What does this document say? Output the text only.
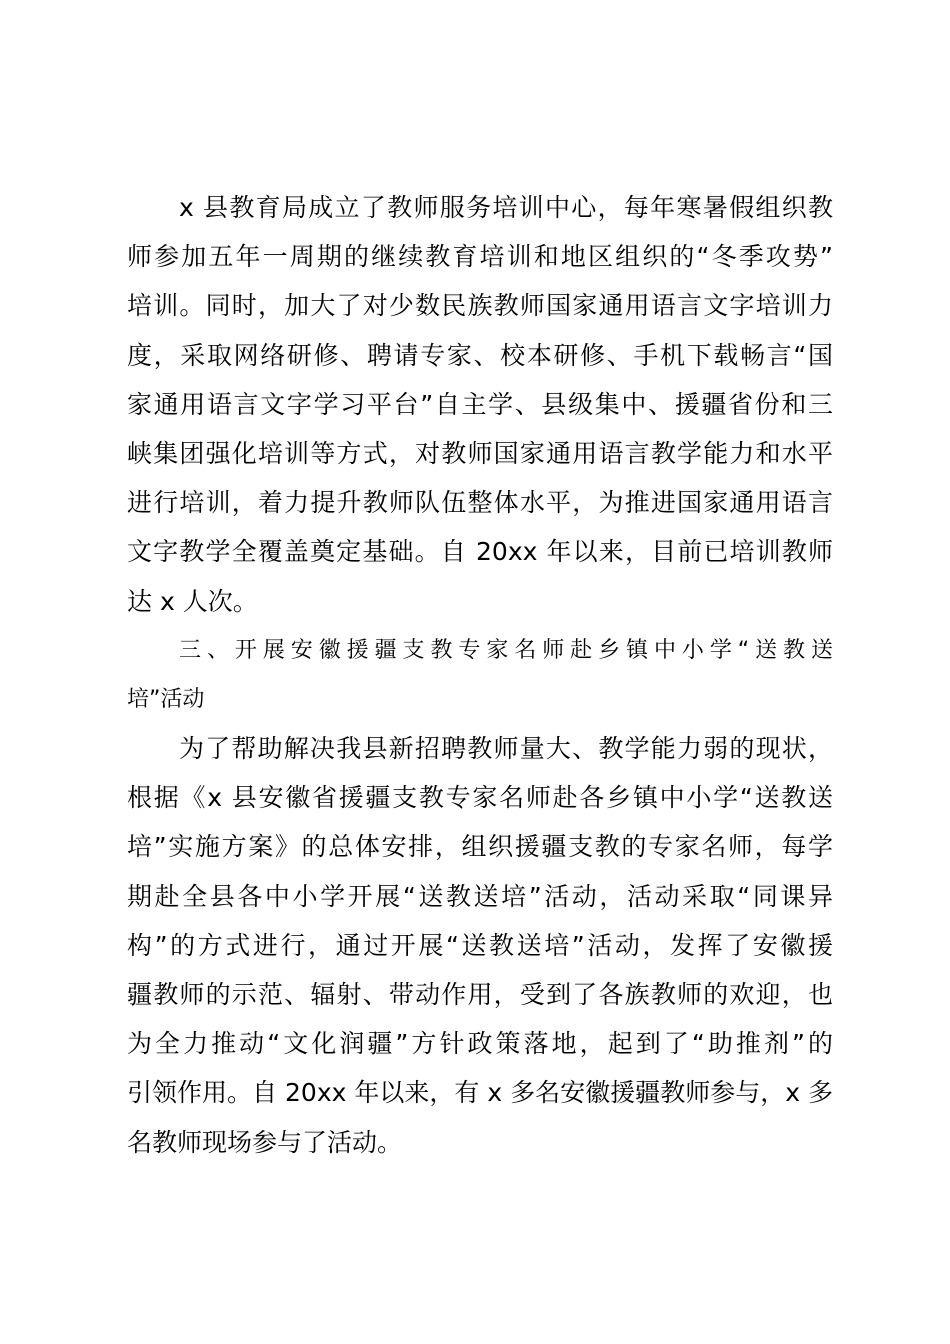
x 县教育局成立了教师服务培训中心，每年寒暑假组织教
师参加五年一周期的继续教育培训和地区组织的“冬季攻势”
培训。同时，加大了对少数民族教师国家通用语言文字培训力
度，采取网络研修、聘请专家、校本研修、手机下载畅言“国
家通用语言文字学习平台”自主学、县级集中、援疆省份和三
峡集团强化培训等方式，对教师国家通用语言教学能力和水平
进行培训，着力提升教师队伍整体水平，为推进国家通用语言
文字教学全覆盖奠定基础。自 20xx 年以来，目前已培训教师
达 x 人次。
三、开展安徽援疆支教专家名师赴乡镇中小学“送教送
培”活动
为了帮助解决我县新招聘教师量大、教学能力弱的现状，
根据《x 县安徽省援疆支教专家名师赴各乡镇中小学“送教送
培”实施方案》的总体安排，组织援疆支教的专家名师，每学
期赴全县各中小学开展“送教送培”活动，活动采取“同课异
构”的方式进行，通过开展“送教送培”活动，发挥了安徽援
疆教师的示范、辐射、带动作用，受到了各族教师的欢迎，也
为全力推动“文化润疆”方针政策落地，起到了“助推剂”的
引领作用。自 20xx 年以来，有 x 多名安徽援疆教师参与，x 多
名教师现场参与了活动。
